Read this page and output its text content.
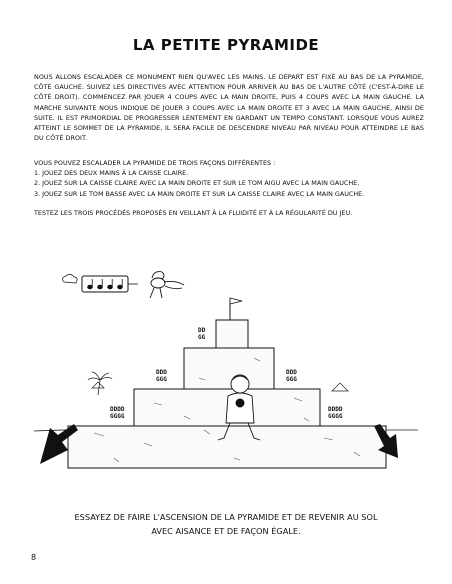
LA PETITE PYRAMIDE
NOUS ALLONS ESCALADER CE MONUMENT RIEN QU'AVEC LES MAINS. LE DÉPART EST FIXÉ AU BAS DE LA PYRAMIDE, CÔTÉ GAUCHE. SUIVEZ LES DIRECTIVES AVEC ATTENTION POUR ARRIVER AU BAS DE L'AUTRE CÔTÉ (C'EST-À-DIRE LE CÔTÉ DROIT). COMMENCEZ PAR JOUER 4 COUPS AVEC LA MAIN DROITE, PUIS 4 COUPS AVEC LA MAIN GAUCHE. LA MARCHE SUIVANTE NOUS INDIQUE DE JOUER 3 COUPS AVEC LA MAIN DROITE ET 3 AVEC LA MAIN GAUCHE, AINSI DE SUITE. IL EST PRIMORDIAL DE PROGRESSER LENTEMENT EN GARDANT UN TEMPO CONSTANT. LORSQUE VOUS AUREZ ATTEINT LE SOMMET DE LA PYRAMIDE, IL SERA FACILE DE DESCENDRE NIVEAU PAR NIVEAU POUR ATTEINDRE LE BAS DU CÔTÉ DROIT.

VOUS POUVEZ ESCALADER LA PYRAMIDE DE TROIS FAÇONS DIFFÉRENTES :

1. JOUEZ DES DEUX MAINS À LA CAISSE CLAIRE.

2. JOUEZ SUR LA CAISSE CLAIRE AVEC LA MAIN DROITE ET SUR LE TOM AIGU AVEC LA MAIN GAUCHE.

3. JOUEZ SUR LE TOM BASSE AVEC LA MAIN DROITE ET SUR LA CAISSE CLAIRE AVEC LA MAIN GAUCHE.

TESTEZ LES TROIS PROCÉDÉS PROPOSÉS EN VEILLANT À LA FLUIDITÉ ET À LA RÉGULARITÉ DU JEU.
DD
GG
DDD
GGG
DDD
GGG
DDDD
GGGG
DDDD
GGGG
ESSAYEZ DE FAIRE L'ASCENSION DE LA PYRAMIDE ET DE REVENIR AU SOL
AVEC AISANCE ET DE FAÇON ÉGALE.
8
